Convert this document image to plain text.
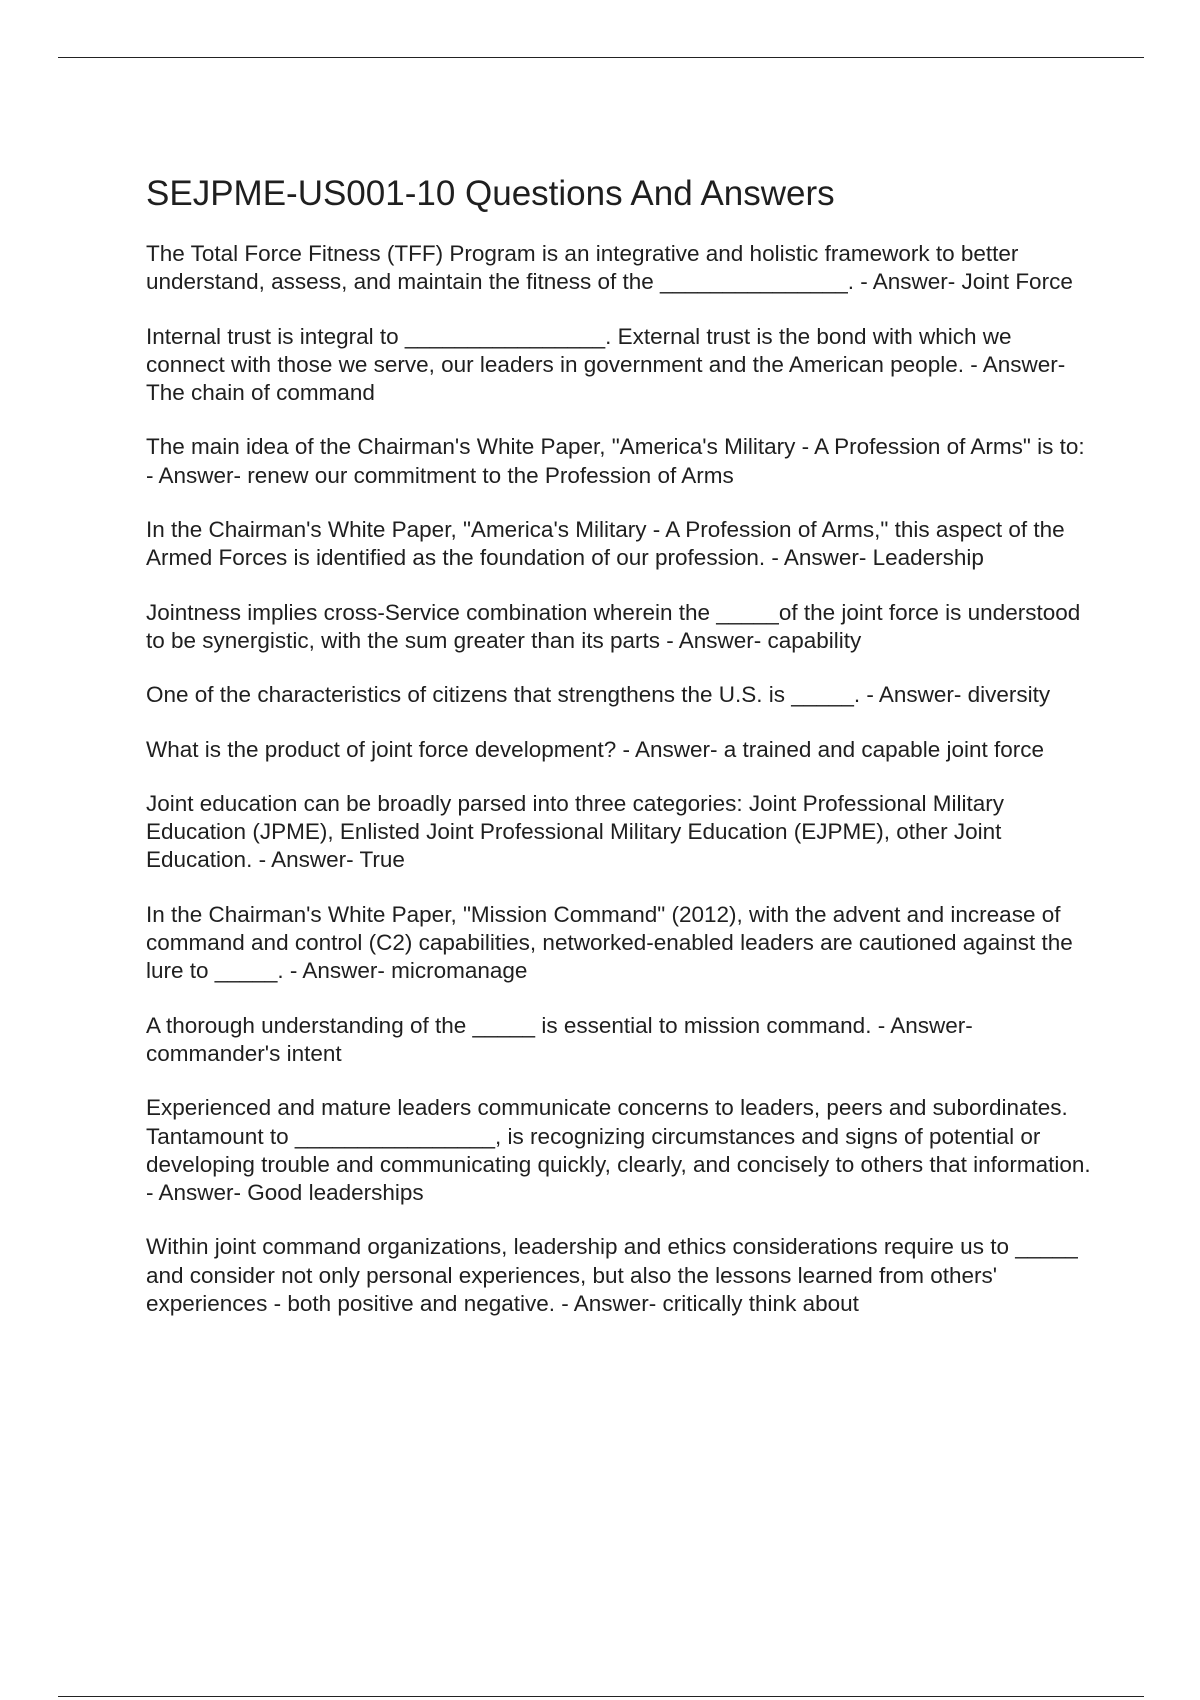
SEJPME-US001-10 Questions And Answers
The Total Force Fitness (TFF) Program is an integrative and holistic framework to better understand, assess, and maintain the fitness of the _______________. - Answer- Joint Force
Internal trust is integral to ________________. External trust is the bond with which we connect with those we serve, our leaders in government and the American people. - Answer- The chain of command
The main idea of the Chairman's White Paper, "America's Military - A Profession of Arms" is to: - Answer- renew our commitment to the Profession of Arms
In the Chairman's White Paper, "America's Military - A Profession of Arms," this aspect of the Armed Forces is identified as the foundation of our profession. - Answer- Leadership
Jointness implies cross-Service combination wherein the _____of the joint force is understood to be synergistic, with the sum greater than its parts - Answer- capability
One of the characteristics of citizens that strengthens the U.S. is _____. - Answer- diversity
What is the product of joint force development? - Answer- a trained and capable joint force
Joint education can be broadly parsed into three categories: Joint Professional Military Education (JPME), Enlisted Joint Professional Military Education (EJPME), other Joint Education. - Answer- True
In the Chairman's White Paper, "Mission Command" (2012), with the advent and increase of command and control (C2) capabilities, networked-enabled leaders are cautioned against the lure to _____. - Answer- micromanage
A thorough understanding of the _____ is essential to mission command. - Answer- commander's intent
Experienced and mature leaders communicate concerns to leaders, peers and subordinates. Tantamount to ________________, is recognizing circumstances and signs of potential or developing trouble and communicating quickly, clearly, and concisely to others that information. - Answer- Good leaderships
Within joint command organizations, leadership and ethics considerations require us to _____ and consider not only personal experiences, but also the lessons learned from others' experiences - both positive and negative. - Answer- critically think about
